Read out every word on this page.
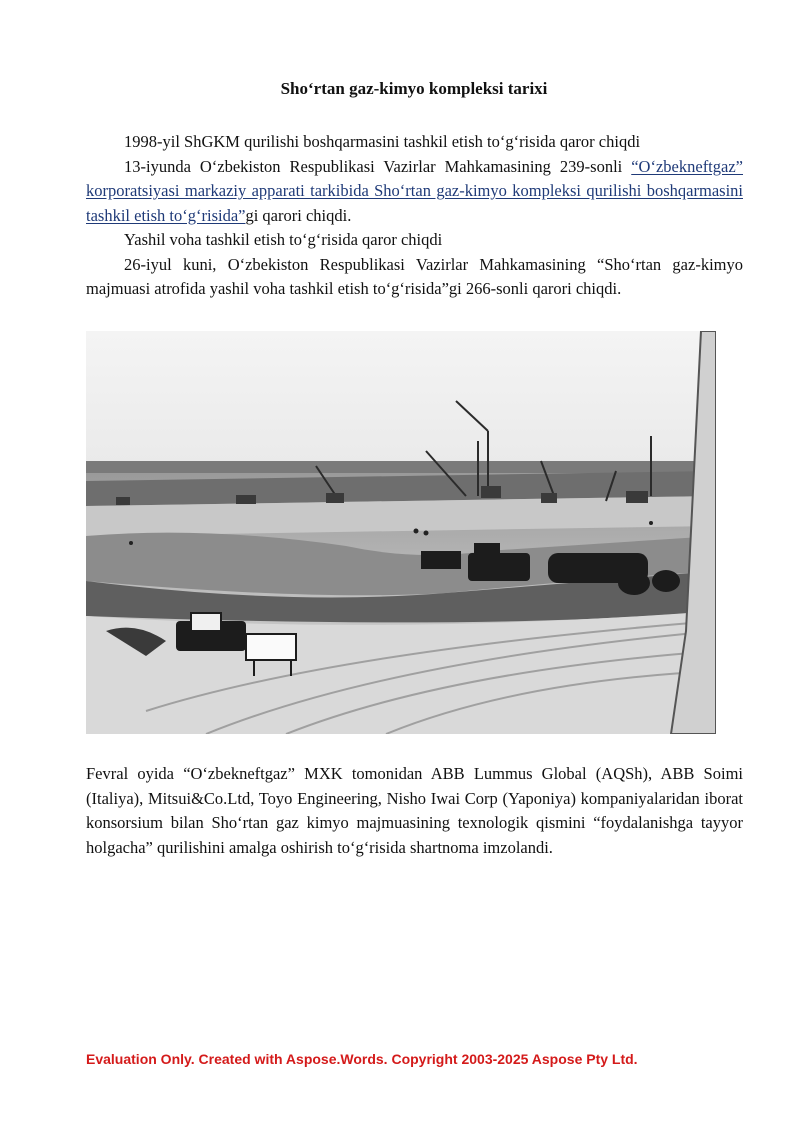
Sho‘rtan gaz-kimyo kompleksi tarixi

1998-yil ShGKM qurilishi boshqarmasini tashkil etish to‘g‘risida qaror chiqdi

13-iyunda O‘zbekiston Respublikasi Vazirlar Mahkamasining 239-sonli “O‘zbekneftgaz” korporatsiyasi markaziy apparati tarkibida Sho‘rtan gaz-kimyo kompleksi qurilishi boshqarmasini tashkil etish to‘g‘risida”gi qarori chiqdi.

Yashil voha tashkil etish to‘g‘risida qaror chiqdi

26-iyul kuni, O‘zbekiston Respublikasi Vazirlar Mahkamasining “Sho‘rtan gaz-kimyo majmuasi atrofida yashil voha tashkil etish to‘g‘risida”gi 266-sonli qarori chiqdi.

Fevral oyida “O‘zbekneftgaz” MXK tomonidan ABB Lummus Global (AQSh), ABB Soimi (Italiya), Mitsui&Co.Ltd, Toyo Engineering, Nisho Iwai Corp (Yaponiya) kompaniyalaridan iborat konsorsium bilan Sho‘rtan gaz kimyo majmuasining texnologik qismini “foydalanishga tayyor holgacha” qurilishini amalga oshirish to‘g‘risida shartnoma imzolandi.

Evaluation Only. Created with Aspose.Words. Copyright 2003-2025 Aspose Pty Ltd.
